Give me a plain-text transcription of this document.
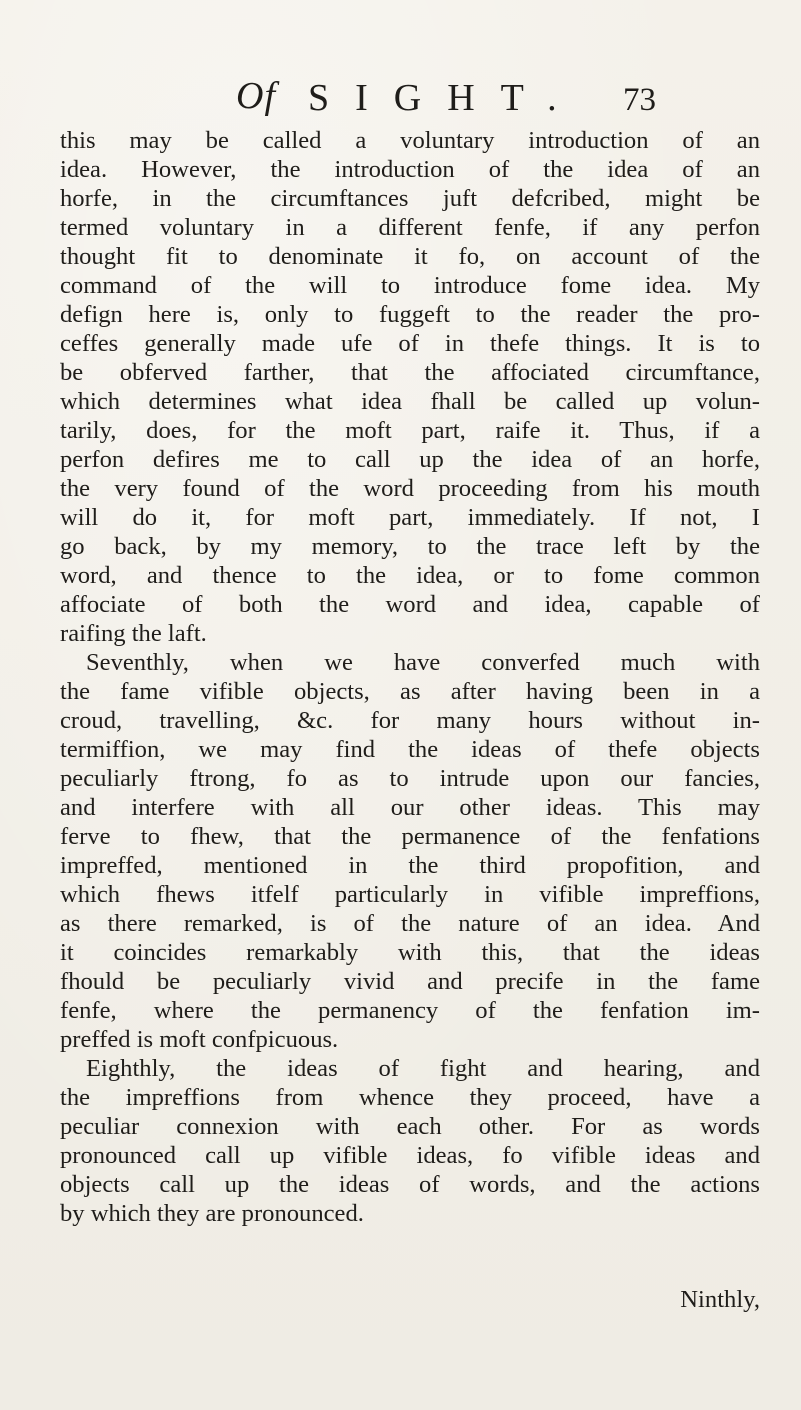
Of SIGHT. 73
this may be called a voluntary introduction of an
idea. However, the introduction of the idea of an
horfe, in the circumftances juft defcribed, might be
termed voluntary in a different fenfe, if any perfon
thought fit to denominate it fo, on account of the
command of the will to introduce fome idea. My
defign here is, only to fuggeft to the reader the pro-
ceffes generally made ufe of in thefe things. It is to
be obferved farther, that the affociated circumftance,
which determines what idea fhall be called up volun-
tarily, does, for the moft part, raife it. Thus, if a
perfon defires me to call up the idea of an horfe,
the very found of the word proceeding from his mouth
will do it, for moft part, immediately. If not, I
go back, by my memory, to the trace left by the
word, and thence to the idea, or to fome common
affociate of both the word and idea, capable of
raifing the laft.
Seventhly, when we have converfed much with
the fame vifible objects, as after having been in a
croud, travelling, &c. for many hours without in-
termiffion, we may find the ideas of thefe objects
peculiarly ftrong, fo as to intrude upon our fancies,
and interfere with all our other ideas. This may
ferve to fhew, that the permanence of the fenfations
impreffed, mentioned in the third propofition, and
which fhews itfelf particularly in vifible impreffions,
as there remarked, is of the nature of an idea. And
it coincides remarkably with this, that the ideas
fhould be peculiarly vivid and precife in the fame
fenfe, where the permanency of the fenfation im-
preffed is moft confpicuous.
Eighthly, the ideas of fight and hearing, and
the impreffions from whence they proceed, have a
peculiar connexion with each other. For as words
pronounced call up vifible ideas, fo vifible ideas and
objects call up the ideas of words, and the actions
by which they are pronounced.
Ninthly,
